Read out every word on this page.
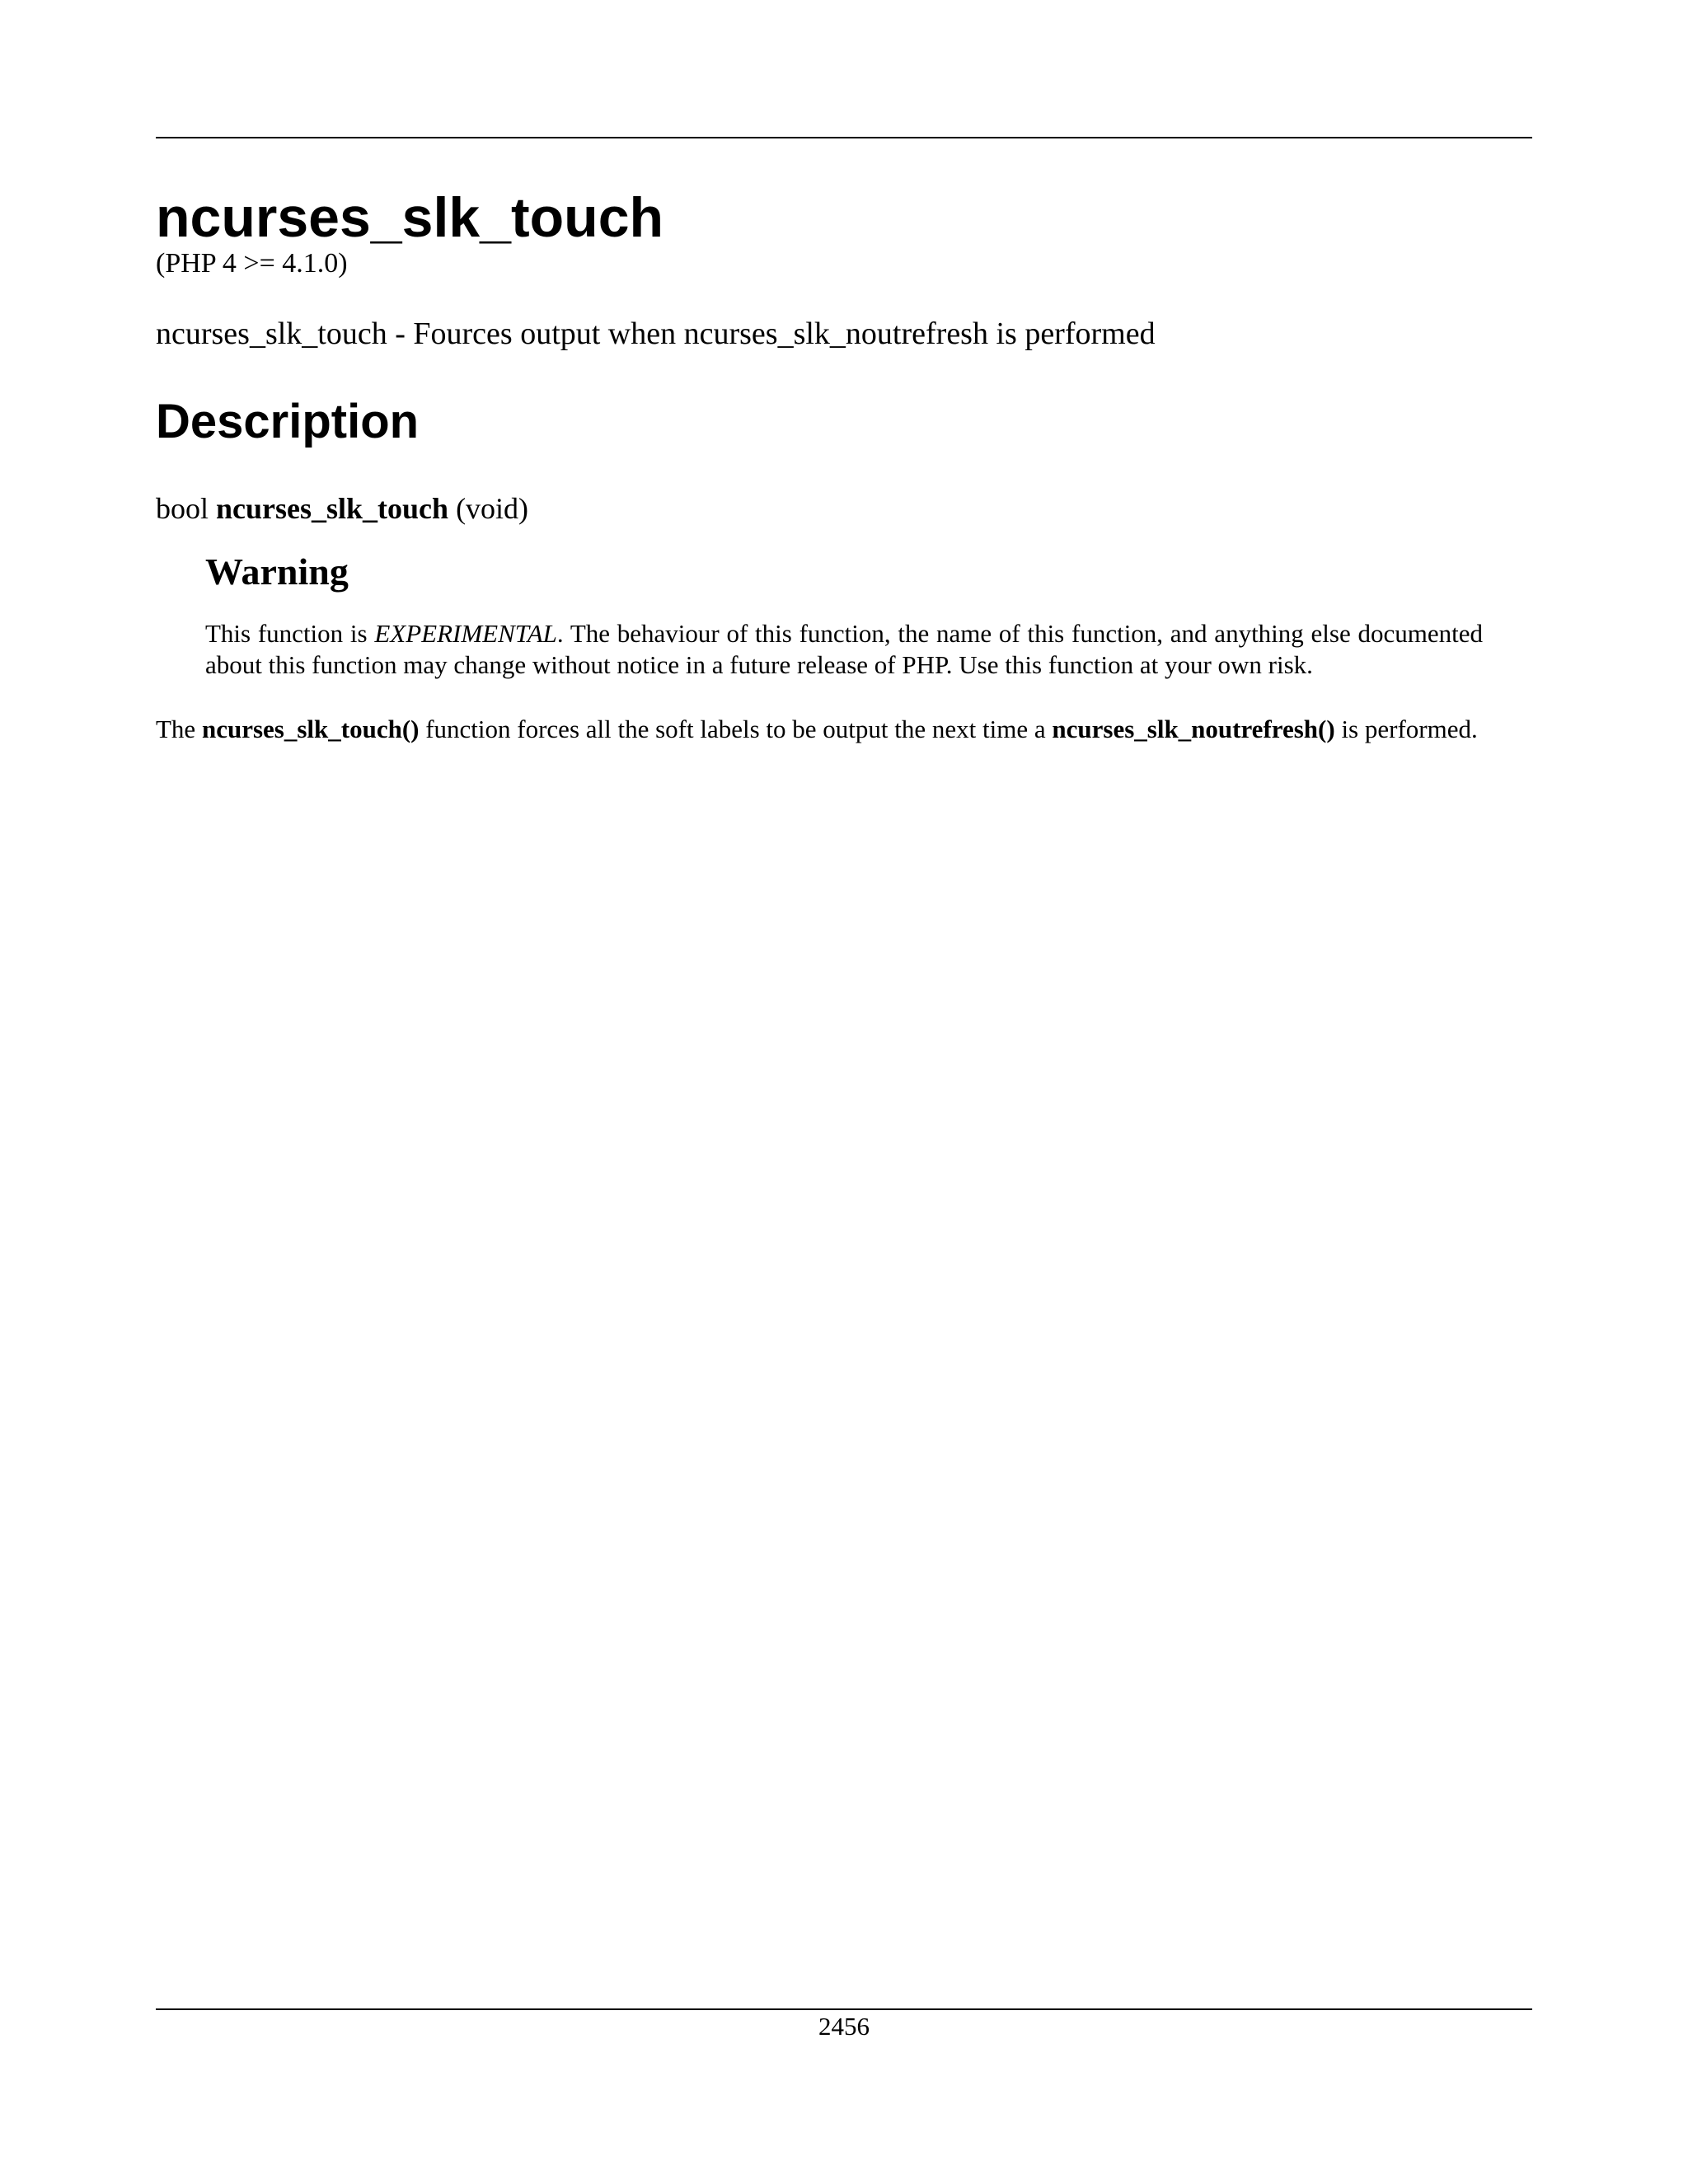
ncurses_slk_touch

(PHP 4 >= 4.1.0)

ncurses_slk_touch - Fources output when ncurses_slk_noutrefresh is performed

Description

bool ncurses_slk_touch (void)

Warning

This function is EXPERIMENTAL. The behaviour of this function, the name of this function, and anything else documented about this function may change without notice in a future release of PHP. Use this function at your own risk.

The ncurses_slk_touch() function forces all the soft labels to be output the next time a ncurses_slk_noutrefresh() is performed.

2456
